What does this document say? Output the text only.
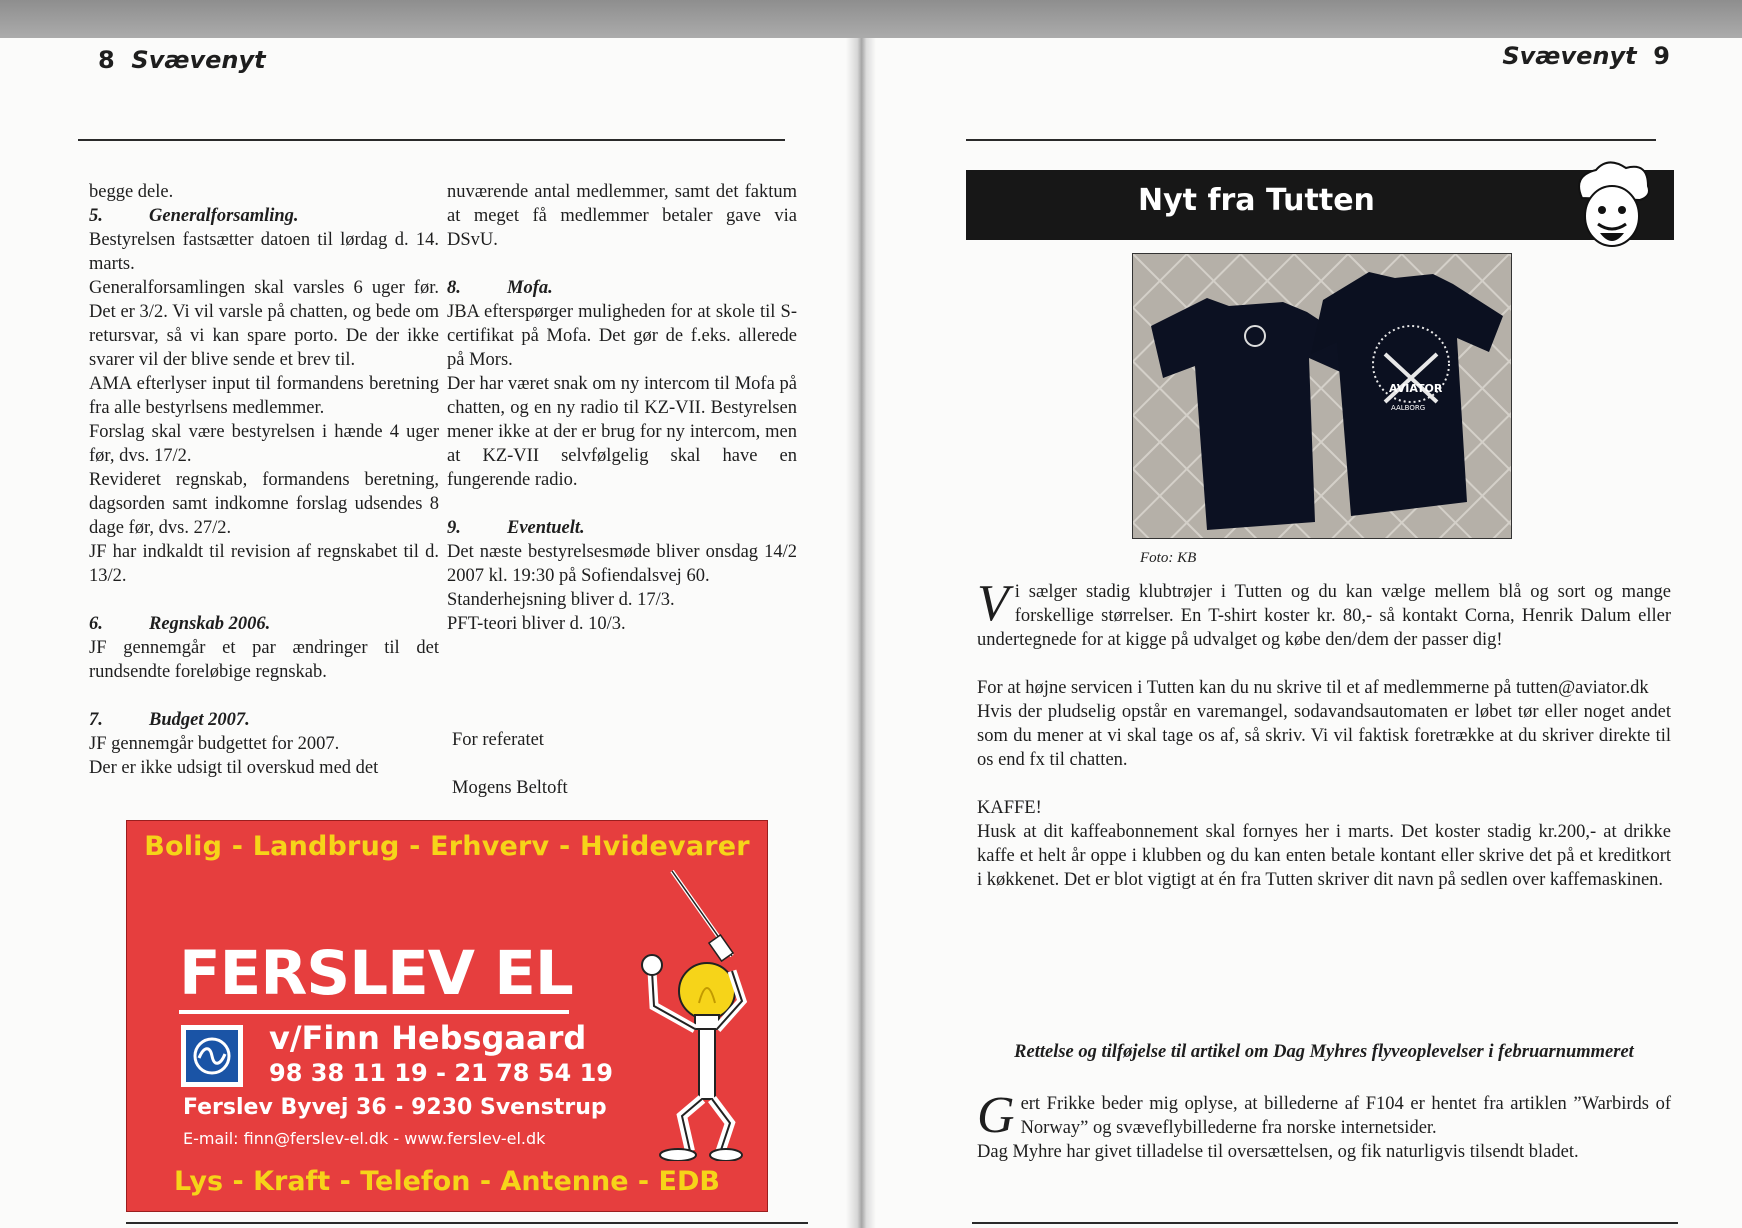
8 Svævenyt

begge dele.

5. Generalforsamling.

Bestyrelsen fastsætter datoen til lørdag d. 14. marts.

Generalforsamlingen skal varsles 6 uger før. Det er 3/2. Vi vil varsle på chatten, og bede om retursvar, så vi kan spare porto. De der ikke svarer vil der blive sende et brev til.

AMA efterlyser input til formandens beretning fra alle bestyrlsens medlemmer.

Forslag skal være bestyrelsen i hænde 4 uger før, dvs. 17/2.

Revideret regnskab, formandens beretning, dagsorden samt indkomne forslag udsendes 8 dage før, dvs. 27/2.

JF har indkaldt til revision af regnskabet til d. 13/2.

6. Regnskab 2006.

JF gennemgår et par ændringer til det rundsendte foreløbige regnskab.

7. Budget 2007.

JF gennemgår budgettet for 2007.

Der er ikke udsigt til overskud med det

nuværende antal medlemmer, samt det faktum at meget få medlemmer betaler gave via DSvU.

8. Mofa.

JBA efterspørger muligheden for at skole til S-certifikat på Mofa. Det gør de f.eks. allerede på Mors.

Der har været snak om ny intercom til Mofa på chatten, og en ny radio til KZ-VII. Bestyrelsen mener ikke at der er brug for ny intercom, men at KZ-VII selvfølgelig skal have en fungerende radio.

9. Eventuelt.

Det næste bestyrelsesmøde bliver onsdag 14/2 2007 kl. 19:30 på Sofiendalsvej 60.

Standerhejsning bliver d. 17/3.

PFT-teori bliver d. 10/3.

For referatet
Mogens Beltoft
Bolig - Landbrug - Erhverv - Hvidevarer
FERSLEV EL
v/Finn Hebsgaard
98 38 11 19 - 21 78 54 19
Ferslev Byvej 36 - 9230 Svenstrup
E-mail: finn@ferslev-el.dk - www.ferslev-el.dk
Lys - Kraft - Telefon - Antenne - EDB
Svævenyt 9
Nyt fra Tutten
AVIATOR
AALBORG
Foto: KB

Vi sælger stadig klubtrøjer i Tutten og du kan vælge mellem blå og sort og mange forskellige størrelser. En T-shirt koster kr. 80,- så kontakt Corna, Henrik Dalum eller undertegnede for at kigge på udvalget og købe den/dem der passer dig!

For at højne servicen i Tutten kan du nu skrive til et af medlemmerne på tutten@aviator.dk

Hvis der pludselig opstår en varemangel, sodavandsautomaten er løbet tør eller noget andet som du mener at vi skal tage os af, så skriv. Vi vil faktisk foretrække at du skriver direkte til os end fx til chatten.

KAFFE!

Husk at dit kaffeabonnement skal fornyes her i marts. Det koster stadig kr.200,- at drikke kaffe et helt år oppe i klubben og du kan enten betale kontant eller skrive det på et kreditkort i køkkenet. Det er blot vigtigt at én fra Tutten skriver dit navn på sedlen over kaffemaskinen.

Rettelse og tilføjelse til artikel om Dag Myhres flyveoplevelser i februarnummeret

Gert Frikke beder mig oplyse, at billederne af F104 er hentet fra artiklen ”Warbirds of Norway” og svæveflybillederne fra norske internetsider.

Dag Myhre har givet tilladelse til oversættelsen, og fik naturligvis tilsendt bladet.
